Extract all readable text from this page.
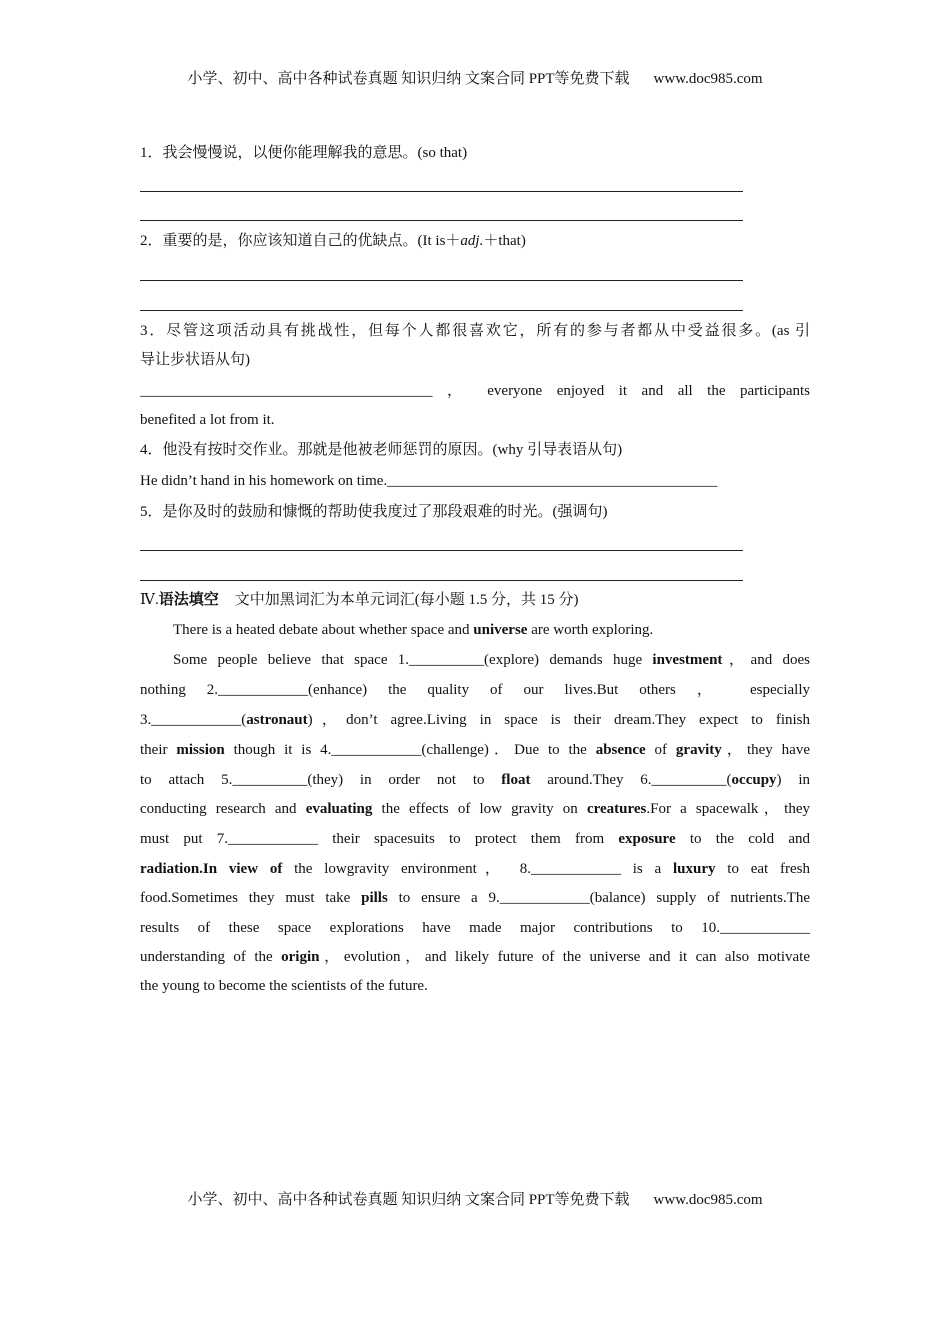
小学、初中、高中各种试卷真题 知识归纳 文案合同 PPT等免费下载 www.doc985.com
1．我会慢慢说，以便你能理解我的意思。(so that)
2．重要的是，你应该知道自己的优缺点。(It is＋adj.＋that)
3．尽管这项活动具有挑战性，但每个人都很喜欢它，所有的参与者都从中受益很多。(as 引
导让步状语从句)
_______________________________________ ， everyone enjoyed it and all the participants
benefited a lot from it.
4．他没有按时交作业。那就是他被老师惩罚的原因。(why 引导表语从句)
He didn’t hand in his homework on time.____________________________________________
5．是你及时的鼓励和慷慨的帮助使我度过了那段艰难的时光。(强调句)
Ⅳ.语法填空 文中加黑词汇为本单元词汇(每小题 1.5 分，共 15 分)
There is a heated debate about whether space and universe are worth exploring.
Some people believe that space 1.__________(explore) demands huge investment，and does
nothing 2.____________(enhance) the quality of our lives.But others ， especially
3.____________(astronaut)，don’t agree.Living in space is their dream.They expect to finish
their mission though it is 4.____________(challenge)．Due to the absence of gravity，they have
to attach 5.__________(they) in order not to float around.They 6.__________(occupy) in
conducting research and evaluating the effects of low gravity on creatures.For a spacewalk，they
must put 7.____________ their spacesuits to protect them from exposure to the cold and
radiation.In view of the lowgravity environment， 8.____________ is a luxury to eat fresh
food.Sometimes they must take pills to ensure a 9.____________(balance) supply of nutrients.The
results of these space explorations have made major contributions to 10.____________
understanding of the origin，evolution，and likely future of the universe and it can also motivate
the young to become the scientists of the future.
小学、初中、高中各种试卷真题 知识归纳 文案合同 PPT等免费下载 www.doc985.com
